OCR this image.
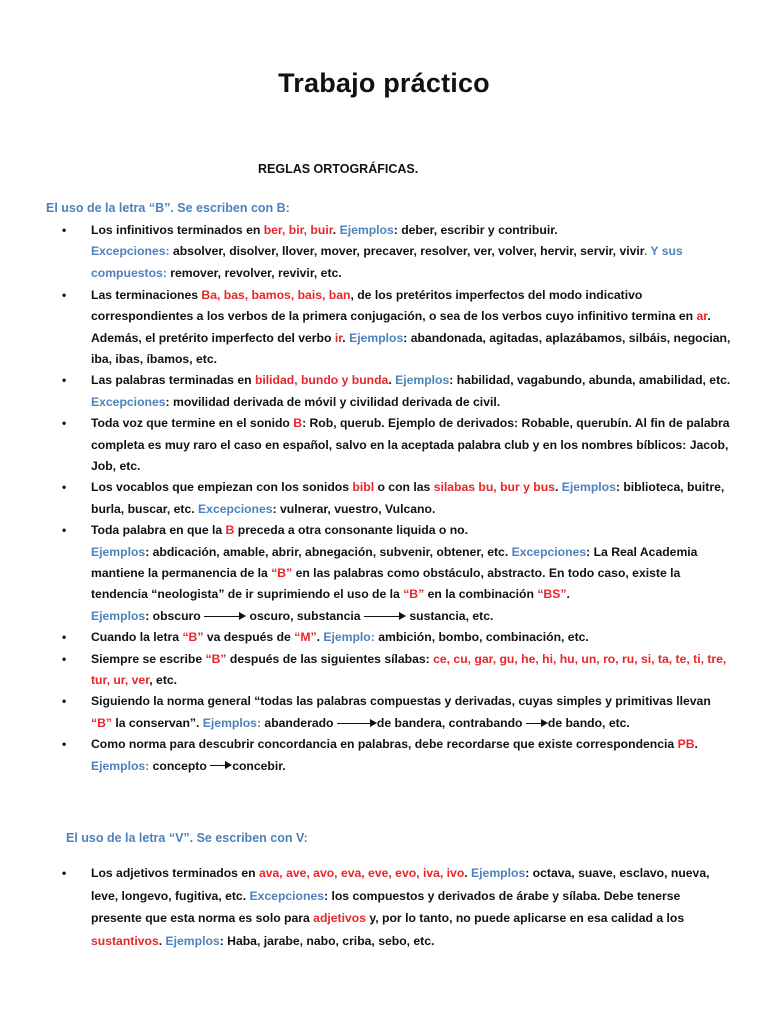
Trabajo práctico
REGLAS ORTOGRÁFICAS.
El uso de la letra “B”. Se escriben con B:
• Los infinitivos terminados en ber, bir, buir. Ejemplos: deber, escribir y contribuir.
Excepciones: absolver, disolver, llover, mover, precaver, resolver, ver, volver, hervir, servir, vivir. Y sus compuestos: remover, revolver, revivir, etc.
• Las terminaciones Ba, bas, bamos, bais, ban, de los pretéritos imperfectos del modo indicativo correspondientes a los verbos de la primera conjugación, o sea de los verbos cuyo infinitivo termina en ar. Además, el pretérito imperfecto del verbo ir. Ejemplos: abandonada, agitadas, aplazábamos, silbáis, negocian, iba, ibas, íbamos, etc.
• Las palabras terminadas en bilidad, bundo y bunda. Ejemplos: habilidad, vagabundo, abunda, amabilidad, etc. Excepciones: movilidad derivada de móvil y civilidad derivada de civil.
• Toda voz que termine en el sonido B: Rob, querub. Ejemplo de derivados: Robable, querubín. Al fin de palabra completa es muy raro el caso en español, salvo en la aceptada palabra club y en los nombres bíblicos: Jacob, Job, etc.
• Los vocablos que empiezan con los sonidos bibl o con las silabas bu, bur y bus. Ejemplos: biblioteca, buitre, burla, buscar, etc. Excepciones: vulnerar, vuestro, Vulcano.
• Toda palabra en que la B preceda a otra consonante liquida o no.
Ejemplos: abdicación, amable, abrir, abnegación, subvenir, obtener, etc. Excepciones: La Real Academia mantiene la permanencia de la “B” en las palabras como obstáculo, abstracto. En todo caso, existe la tendencia “neologista” de ir suprimiendo el uso de la “B” en la combinación “BS”.
Ejemplos: obscuro	oscuro, substancia	sustancia, etc.
• Cuando la letra “B” va después de “M”. Ejemplo: ambición, bombo, combinación, etc.
• Siempre se escribe “B” después de las siguientes sílabas: ce, cu, gar, gu, he, hi, hu, un, ro, ru, si, ta, te, ti, tre, tur, ur, ver, etc.
• Siguiendo la norma general “todas las palabras compuestas y derivadas, cuyas simples y primitivas llevan “B” la conservan”. Ejemplos: abanderado	de bandera, contrabando de bando, etc.
• Como norma para descubrir concordancia en palabras, debe recordarse que existe correspondencia PB. Ejemplos: concepto concebir.
El uso de la letra “V”. Se escriben con V:
• Los adjetivos terminados en ava, ave, avo, eva, eve, evo, iva, ivo. Ejemplos: octava, suave, esclavo, nueva, leve, longevo, fugitiva, etc. Excepciones: los compuestos y derivados de árabe y sílaba. Debe tenerse presente que esta norma es solo para adjetivos y, por lo tanto, no puede aplicarse en esa calidad a los sustantivos. Ejemplos: Haba, jarabe, nabo, criba, sebo, etc.
